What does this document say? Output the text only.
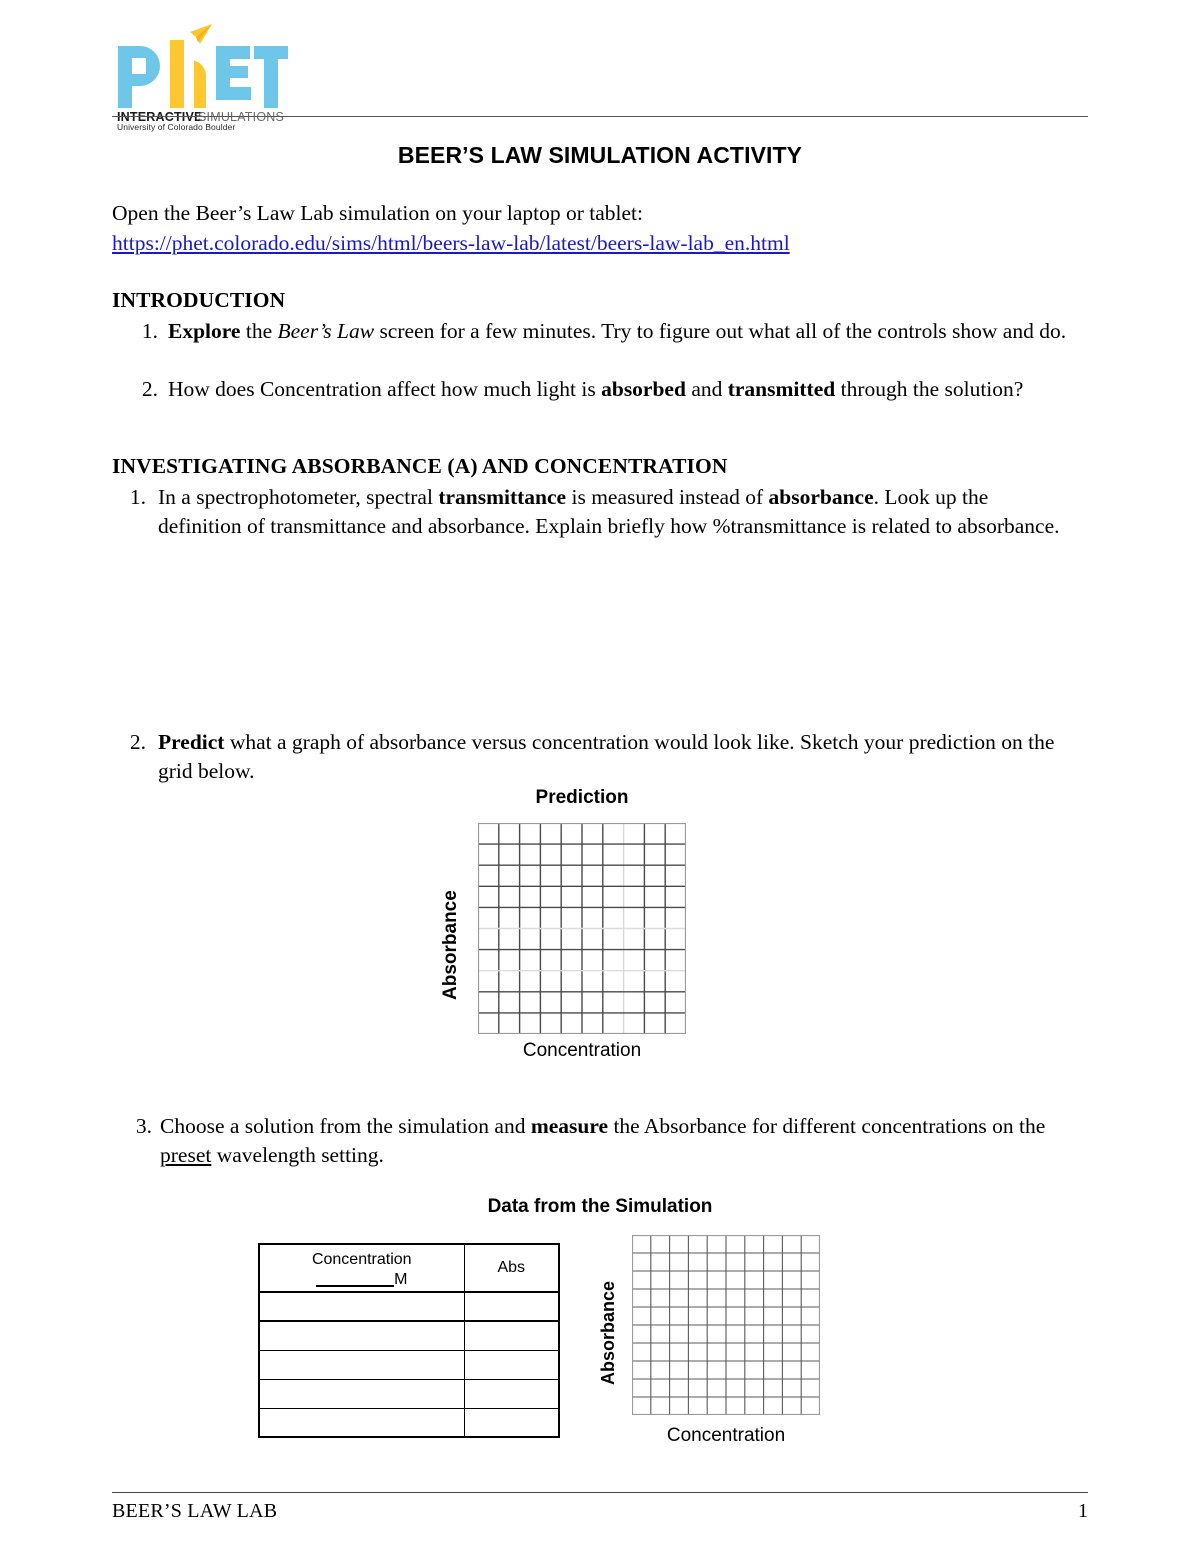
INTERACTIVE
SIMULATIONS
University of Colorado Boulder
BEER’S LAW SIMULATION ACTIVITY
Open the Beer’s Law Lab simulation on your laptop or tablet:
https://phet.colorado.edu/sims/html/beers-law-lab/latest/beers-law-lab_en.html
INTRODUCTION
1. Explore the Beer’s Law screen for a few minutes. Try to figure out what all of the controls show and do.
2. How does Concentration affect how much light is absorbed and transmitted through the solution?
INVESTIGATING ABSORBANCE (A) AND CONCENTRATION
1. In a spectrophotometer, spectral transmittance is measured instead of absorbance. Look up the definition of transmittance and absorbance. Explain briefly how %transmittance is related to absorbance.
2. Predict what a graph of absorbance versus concentration would look like. Sketch your prediction on the grid below.
Prediction
Absorbance
Concentration
3. Choose a solution from the simulation and measure the Absorbance for different concentrations on the preset wavelength setting.
Data from the Simulation
Concentration
M	Abs

Absorbance
Concentration
BEER’S LAW LAB	1
